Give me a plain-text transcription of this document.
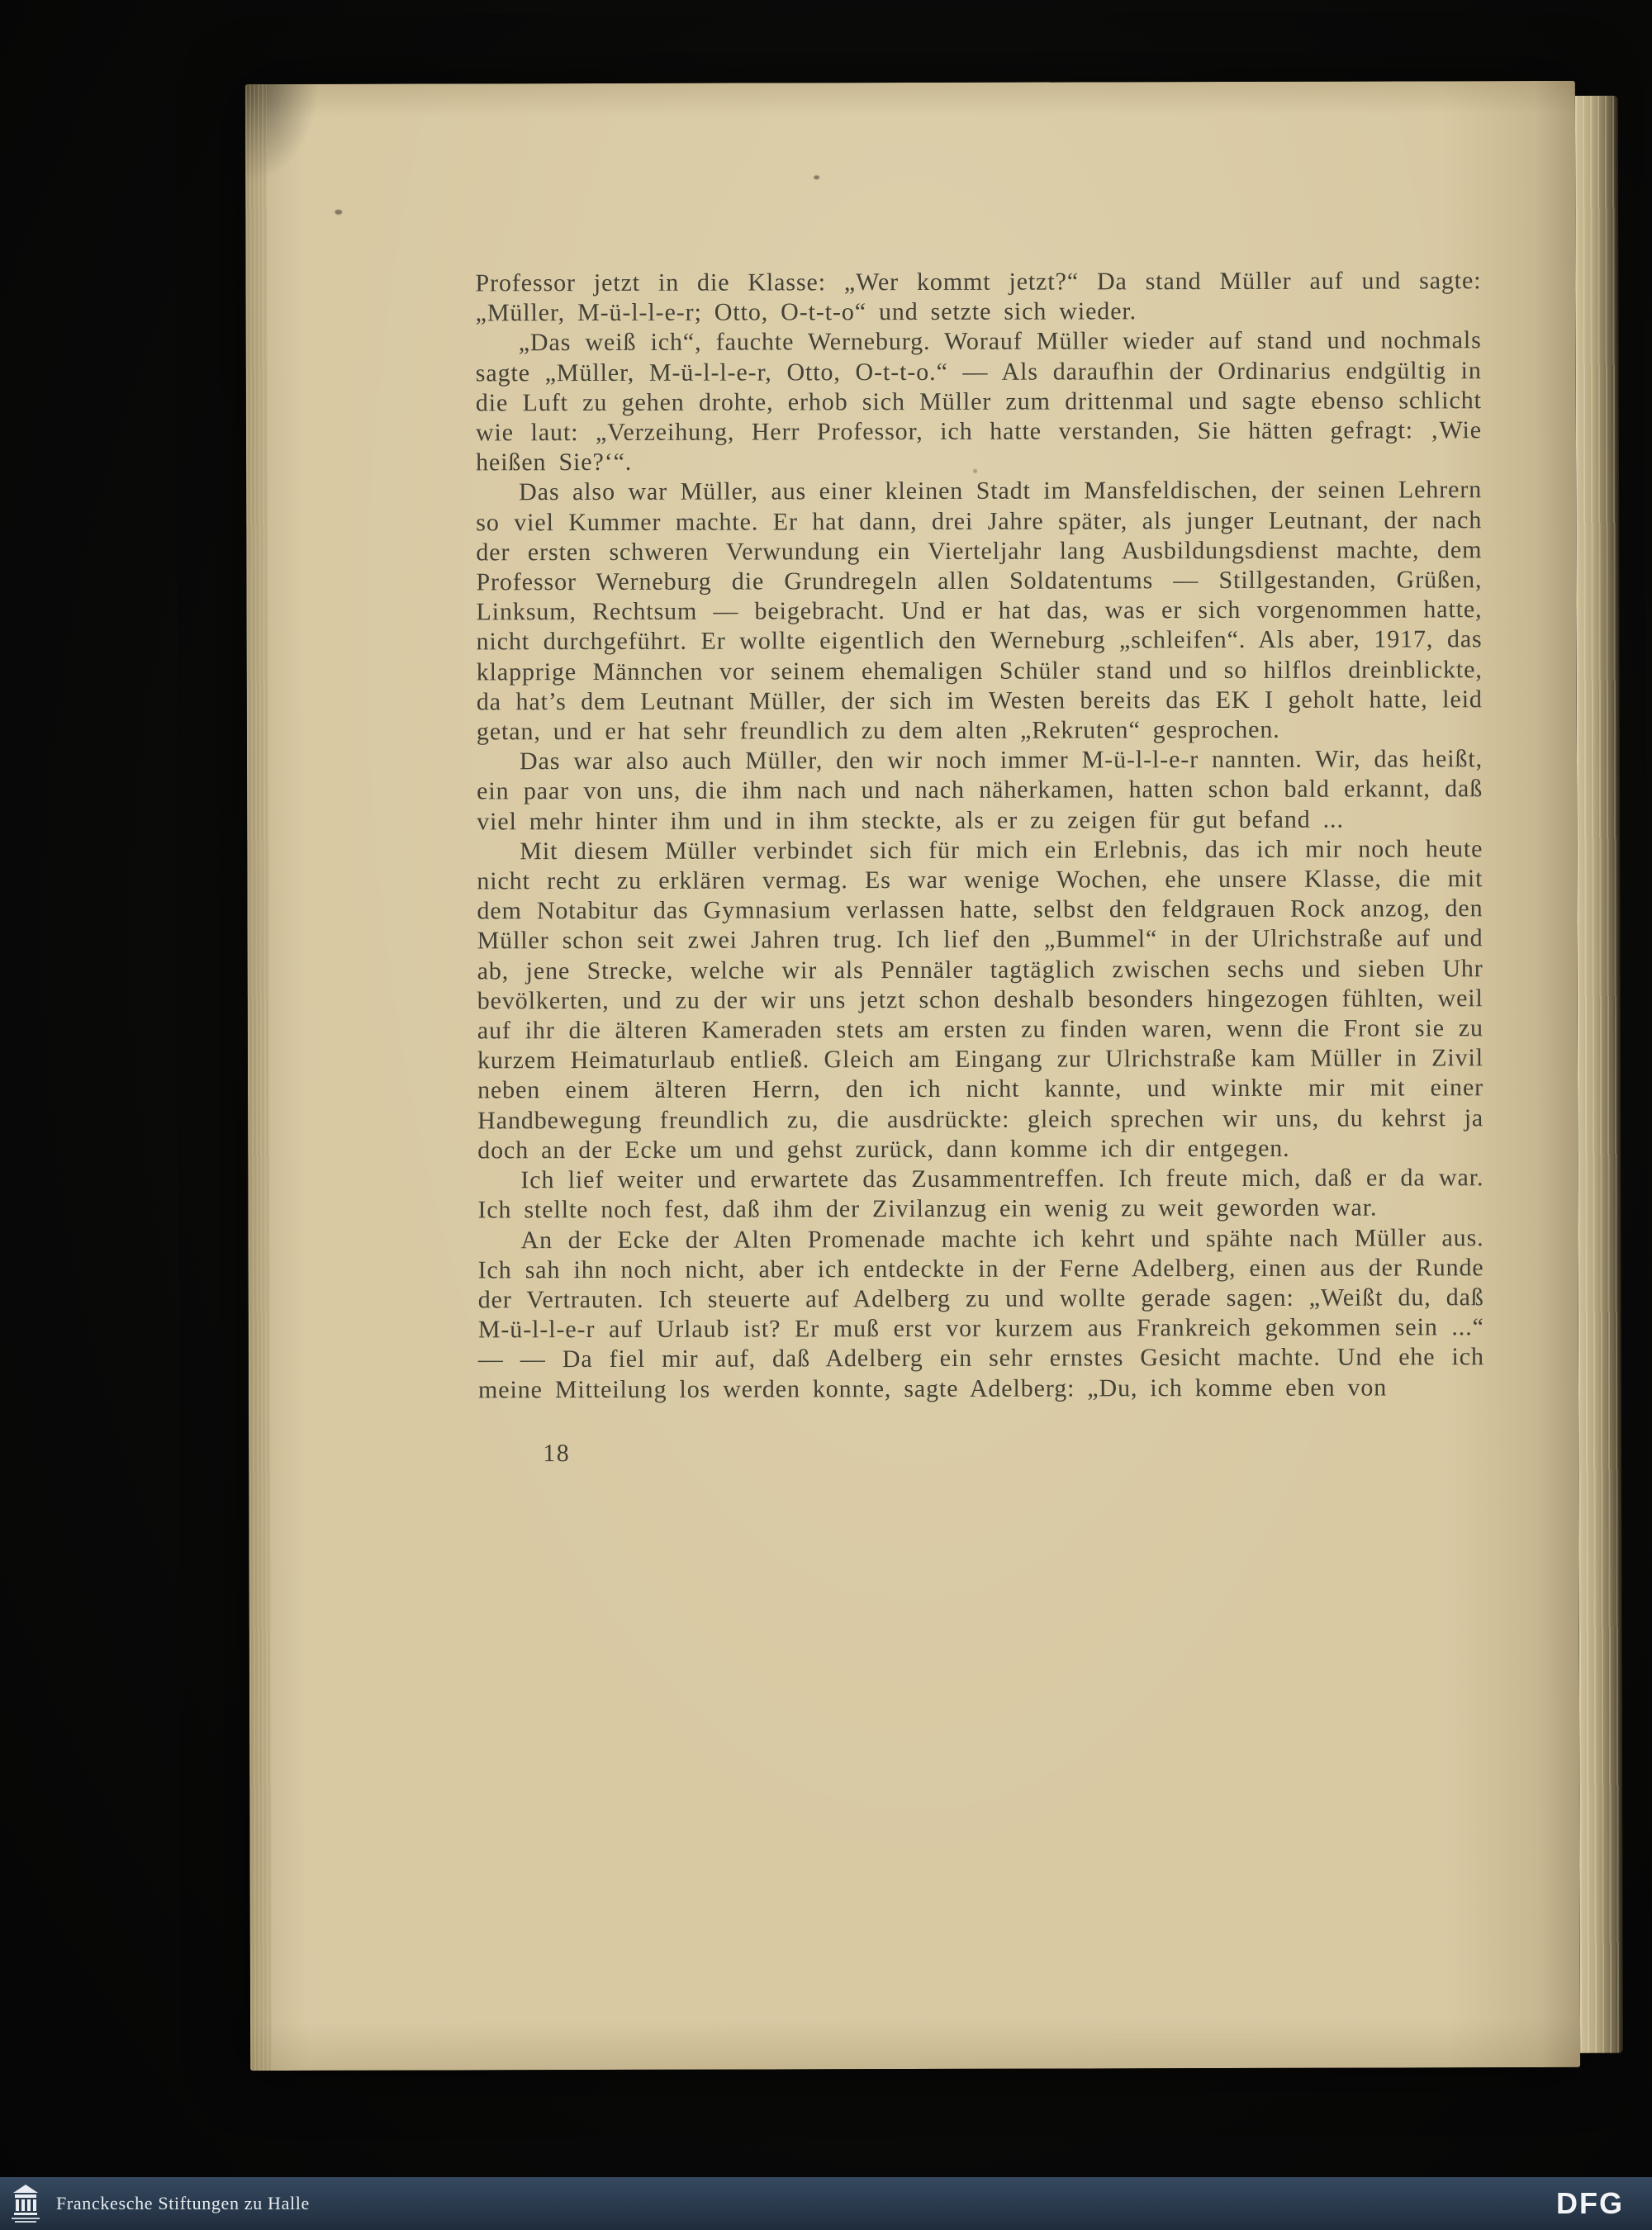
Professor jetzt in die Klasse: „Wer kommt jetzt?“ Da stand Müller auf und sagte: „Müller, M-ü-l-l-e-r; Otto, O-t-t-o“ und setzte sich wieder.

„Das weiß ich“, fauchte Werneburg. Worauf Müller wieder auf stand und nochmals sagte „Müller, M-ü-l-l-e-r, Otto, O-t-t-o.“ — Als daraufhin der Ordinarius endgültig in die Luft zu gehen drohte, erhob sich Müller zum drittenmal und sagte ebenso schlicht wie laut: „Verzeihung, Herr Professor, ich hatte verstanden, Sie hätten gefragt: ‚Wie heißen Sie?‘“.

Das also war Müller, aus einer kleinen Stadt im Mansfeldischen, der seinen Lehrern so viel Kummer machte. Er hat dann, drei Jahre später, als junger Leutnant, der nach der ersten schweren Verwundung ein Vierteljahr lang Ausbildungsdienst machte, dem Professor Werneburg die Grundregeln allen Soldatentums — Stillgestanden, Grüßen, Linksum, Rechtsum — beigebracht. Und er hat das, was er sich vorgenommen hatte, nicht durchgeführt. Er wollte eigentlich den Werneburg „schleifen“. Als aber, 1917, das klapprige Männchen vor seinem ehemaligen Schüler stand und so hilflos dreinblickte, da hat’s dem Leutnant Müller, der sich im Westen bereits das EK I geholt hatte, leid getan, und er hat sehr freundlich zu dem alten „Rekruten“ gesprochen.

Das war also auch Müller, den wir noch immer M-ü-l-l-e-r nannten. Wir, das heißt, ein paar von uns, die ihm nach und nach näherkamen, hatten schon bald erkannt, daß viel mehr hinter ihm und in ihm steckte, als er zu zeigen für gut befand ...

Mit diesem Müller verbindet sich für mich ein Erlebnis, das ich mir noch heute nicht recht zu erklären vermag. Es war wenige Wochen, ehe unsere Klasse, die mit dem Notabitur das Gymnasium verlassen hatte, selbst den feldgrauen Rock anzog, den Müller schon seit zwei Jahren trug. Ich lief den „Bummel“ in der Ulrichstraße auf und ab, jene Strecke, welche wir als Pennäler tagtäglich zwischen sechs und sieben Uhr bevölkerten, und zu der wir uns jetzt schon deshalb besonders hingezogen fühlten, weil auf ihr die älteren Kameraden stets am ersten zu finden waren, wenn die Front sie zu kurzem Heimaturlaub entließ. Gleich am Eingang zur Ulrichstraße kam Müller in Zivil neben einem älteren Herrn, den ich nicht kannte, und winkte mir mit einer Handbewegung freundlich zu, die ausdrückte: gleich sprechen wir uns, du kehrst ja doch an der Ecke um und gehst zurück, dann komme ich dir entgegen.

Ich lief weiter und erwartete das Zusammentreffen. Ich freute mich, daß er da war. Ich stellte noch fest, daß ihm der Zivilanzug ein wenig zu weit geworden war.

An der Ecke der Alten Promenade machte ich kehrt und spähte nach Müller aus. Ich sah ihn noch nicht, aber ich entdeckte in der Ferne Adelberg, einen aus der Runde der Vertrauten. Ich steuerte auf Adelberg zu und wollte gerade sagen: „Weißt du, daß M-ü-l-l-e-r auf Urlaub ist? Er muß erst vor kurzem aus Frankreich gekommen sein ...“ — — Da fiel mir auf, daß Adelberg ein sehr ernstes Gesicht machte. Und ehe ich meine Mitteilung los werden konnte, sagte Adelberg: „Du, ich komme eben von

18
Franckesche Stiftungen zu Halle	DFG
